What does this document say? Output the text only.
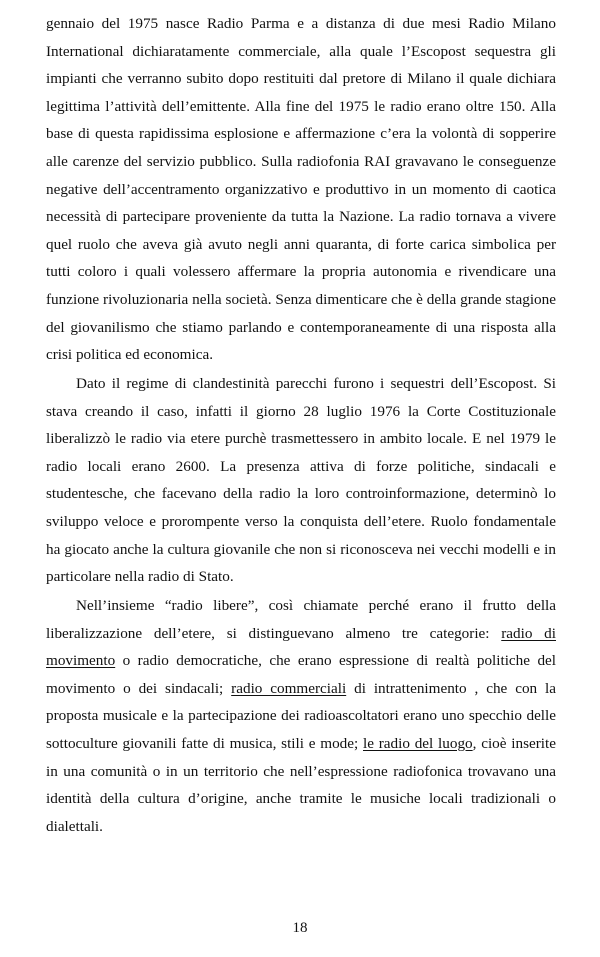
gennaio del 1975 nasce Radio Parma e a distanza di due mesi Radio Milano International dichiaratamente commerciale, alla quale l’Escopost sequestra gli impianti che verranno subito dopo restituiti dal pretore di Milano il quale dichiara legittima l’attività dell’emittente. Alla fine del 1975 le radio erano oltre 150. Alla base di questa rapidissima esplosione e affermazione c’era la volontà di sopperire alle carenze del servizio pubblico. Sulla radiofonia RAI gravavano le conseguenze negative dell’accentramento organizzativo e produttivo in un momento di caotica necessità di partecipare proveniente da tutta la Nazione. La radio tornava a vivere quel ruolo che aveva già avuto negli anni quaranta, di forte carica simbolica per tutti coloro i quali volessero affermare la propria autonomia e rivendicare una funzione rivoluzionaria nella società. Senza dimenticare che è della grande stagione del giovanilismo che stiamo parlando e contemporaneamente di una risposta alla crisi politica ed economica.

Dato il regime di clandestinità parecchi furono i sequestri dell’Escopost. Si stava creando il caso, infatti il giorno 28 luglio 1976 la Corte Costituzionale liberalizzò le radio via etere purchè trasmettessero in ambito locale. E nel 1979 le radio locali erano 2600. La presenza attiva di forze politiche, sindacali e studentesche, che facevano della radio la loro controinformazione, determinò lo sviluppo veloce e prorompente verso la conquista dell’etere. Ruolo fondamentale ha giocato anche la cultura giovanile che non si riconosceva nei vecchi modelli e in particolare nella radio di Stato.

Nell’insieme “radio libere”, così chiamate perché erano il frutto della liberalizzazione dell’etere, si distinguevano almeno tre categorie: radio di movimento o radio democratiche, che erano espressione di realtà politiche del movimento o dei sindacali; radio commerciali di intrattenimento , che con la proposta musicale e la partecipazione dei radioascoltatori erano uno specchio delle sottoculture giovanili fatte di musica, stili e mode; le radio del luogo, cioè inserite in una comunità o in un territorio che nell’espressione radiofonica trovavano una identità della cultura d’origine, anche tramite le musiche locali tradizionali o dialettali.

18
